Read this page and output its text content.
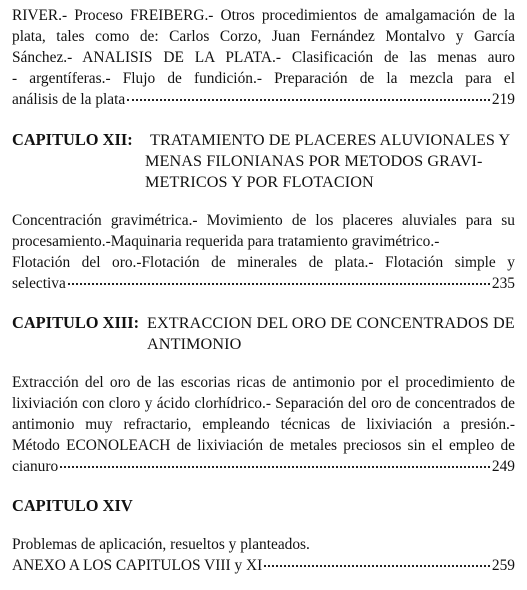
RIVER.- Proceso FREIBERG.- Otros procedimientos de amalgamación de la
plata, tales como de: Carlos Corzo, Juan Fernández Montalvo y García
Sánchez.- ANALISIS DE LA PLATA.- Clasificación de las menas auro
- argentíferas.- Flujo de fundición.- Preparación de la mezcla para el
análisis de la plata	219
CAPITULO XII: TRATAMIENTO DE PLACERES ALUVIONALES Y
MENAS FILONIANAS POR METODOS GRAVI-
METRICOS Y POR FLOTACION
Concentración gravimétrica.- Movimiento de los placeres aluviales para su
procesamiento.-Maquinaria requerida para tratamiento gravimétrico.-
Flotación del oro.-Flotación de minerales de plata.- Flotación simple y
selectiva	235
CAPITULO XIII: EXTRACCION DEL ORO DE CONCENTRADOS DE
ANTIMONIO
Extracción del oro de las escorias ricas de antimonio por el procedimiento de
lixiviación con cloro y ácido clorhídrico.- Separación del oro de concentrados de
antimonio muy refractario, empleando técnicas de lixiviación a presión.-
Método ECONOLEACH de lixiviación de metales preciosos sin el empleo de
cianuro	249
CAPITULO XIV
Problemas de aplicación, resueltos y planteados.
ANEXO A LOS CAPITULOS VIII y XI	259
